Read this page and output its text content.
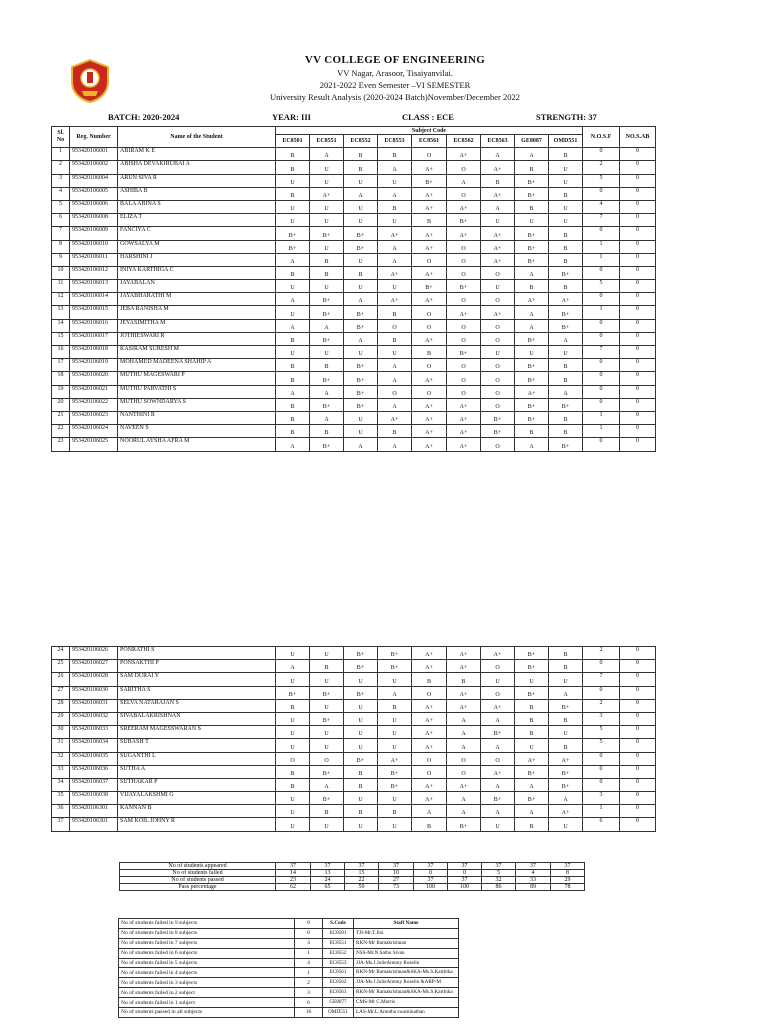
VV COLLEGE OF ENGINEERING
VV Nagar, Arasoor, Tisaiyanvilai.
2021-2022 Even Semester –VI SEMESTER
University Result Analysis (2020-2024 Batch)November/December 2022
BATCH: 2020-2024	YEAR: III	CLASS : ECE	STRENGTH: 37
Sl. No	Reg. Number	Name of the Student	Subject Code									N.O.S.F	NO.S.AB
			EC8501	EC8551	EC8552	EC8553	EC8561	EC8562	EC8563	GE8087	OMD551		
1	953420106001	ABIRAM K E	B	A	B	B	O	A+	A	A	B	0	0
2	953420106002	ABISHA DEVAKIRUBAI A	B	U	B	A	A+	O	A+	B	U	2	0
3	953420106004	ARUN SIVA R	U	U	U	U	B+	A	B	B+	U	5	0
4	953420106005	ASHIBA B	B	A+	A	A	A+	O	A+	B+	B	0	0
5	953420106006	BALA ABINA S	U	U	U	B	A+	A+	A	B	U	4	0
6	953420106008	ELIZA T	U	U	U	U	B	B+	U	U	U	7	0
7	953420106009	FANCIYA C	B+	B+	B+	A+	A+	A+	A+	B+	B	0	0
8	953420106010	GOWSALYA M	B+	U	B+	A	A+	O	A+	B+	B	1	0
9	953420106011	HARSHINI J	A	B	U	A	O	O	A+	B+	B	1	0
10	953420106012	INIYA KARTHIGA C	B	B	B	A+	A+	O	O	A	B+	0	0
11	953420106013	JAYABALAN	U	U	U	U	B+	B+	U	B	B	5	0
12	953420106014	JAYABHARATHI M	A	B+	A	A+	A+	O	O	A+	A+	0	0
13	953420106015	JEBA RANISHA M	U	B+	B+	B	O	A+	A+	A	B+	1	0
14	953420106016	JEYASIMITHA M	A	A	B+	O	O	O	O	A	B+	0	0
15	953420106017	JOTHIESWARI R	B	B+	A	B	A+	O	O	B+	A	0	0
16	953420106018	KASIRAM SURESH M	U	U	U	U	B	B+	U	U	U	7	0
17	953420106019	MOHAMED MADEENA SHAHIP A	B	B	B+	A	O	O	O	B+	B	0	0
18	953420106020	MUTHU MAGESWARI P	B	B+	B+	A	A+	O	O	B+	B	0	0
19	953420106021	MUTHU PARVATHI S	A	A	B+	O	O	O	O	A+	A	0	0
20	953420106022	MUTHU SOWNDARYA S	B	B+	B+	A	A+	A+	O	B+	B+	0	0
21	953420106023	NANTHINI R	B	A	U	A+	A+	A+	B+	B+	B	1	0
22	953420106024	NAVEEN S	B	B	U	B	A+	A+	B+	B	B	1	0
23	953420106025	NOORUL AYSHA AFRA M	A	B+	A	A	A+	A+	O	A	B+	0	0
24	953420106026	PONRATHI S	U	U	B+	B+	A+	A+	A+	B+	B	2	0
25	953420106027	PONSAKTHI P	A	B	B+	B+	A+	A+	O	B+	B	0	0
26	953420106028	SAM DURAI Y	U	U	U	U	B	B	U	U	U	7	0
27	953420106030	SARITHA S	B+	B+	B+	A	O	A+	O	B+	A	0	0
28	953420106031	SELVA NATARAJAN S	B	U	U	B	A+	A+	A+	B	B+	2	0
29	953420106032	SIVABALAKRISHNAN	U	B+	U	U	A+	A	A	B	B	3	0
30	953420106033	SREERAM MAGESSWARAN S	U	U	U	U	A+	A	B+	B	U	5	0
31	953420106034	SUBASH T	U	U	U	U	A+	A	A	U	B	5	0
32	953420106035	SUGANTHI L	O	O	B+	A+	O	O	O	A+	A+	0	0
33	953420106036	SUTHA A	B	B+	B	B+	O	O	A+	B+	B+	0	0
34	953420106037	SUTHAKAR P	B	A	B	B+	A+	A+	A	A	B+	0	0
35	953420106038	VIJAYALAKSHMI G	U	B+	U	U	A+	A	B+	B+	A	3	0
36	953420106301	KANNAN B	U	B	B	B	A	A	A	A	A+	1	0
37	953420106301	SAM KOIL JOHNY R	U	U	U	U	B	B+	U	B	U	6	0
No of students appeared	37	37	37	37	37	37	37	37	37
No of students failed	14	13	15	10	0	0	5	4	8
No of students passed	23	24	22	27	37	37	32	33	29
Pass percentage	62	65	59	73	100	100	86	89	78
No of students failed in 9 subjects	0
No of students failed in 8 subjects	0
No of students failed in 7 subjects	3
No of students failed in 6 subjects	1
No of students failed in 5 subjects	4
No of students failed in 4 subjects	1
No of students failed in 3 subjects	2
No of students failed in 2 subject	3
No of students failed in 1 subject	6
No of students passed in all subjects	16
S.Code	Staff Name
EC8501	TJI-Mr.T.Jini
EC8551	RKN-Mr Ramakrishnan
EC8552	NSS-Mr.N.Sathu Sivan
EC8553	JJA-Ms.J.JulieAntony Roselin
EC8561	RKN-Mr Ramakrishnan&SKA-Ms.S.Karthika
EC8562	JJA-Ms.J.JulieAntony Roselin &ARP-M
EC8563	RKN-Mr Ramakrishnan&SKA-Ms.S.Karthika
GE8077	CMS-Mr C.Morris
OMD551	LAS-Mr.L.Amutha swaminathan
